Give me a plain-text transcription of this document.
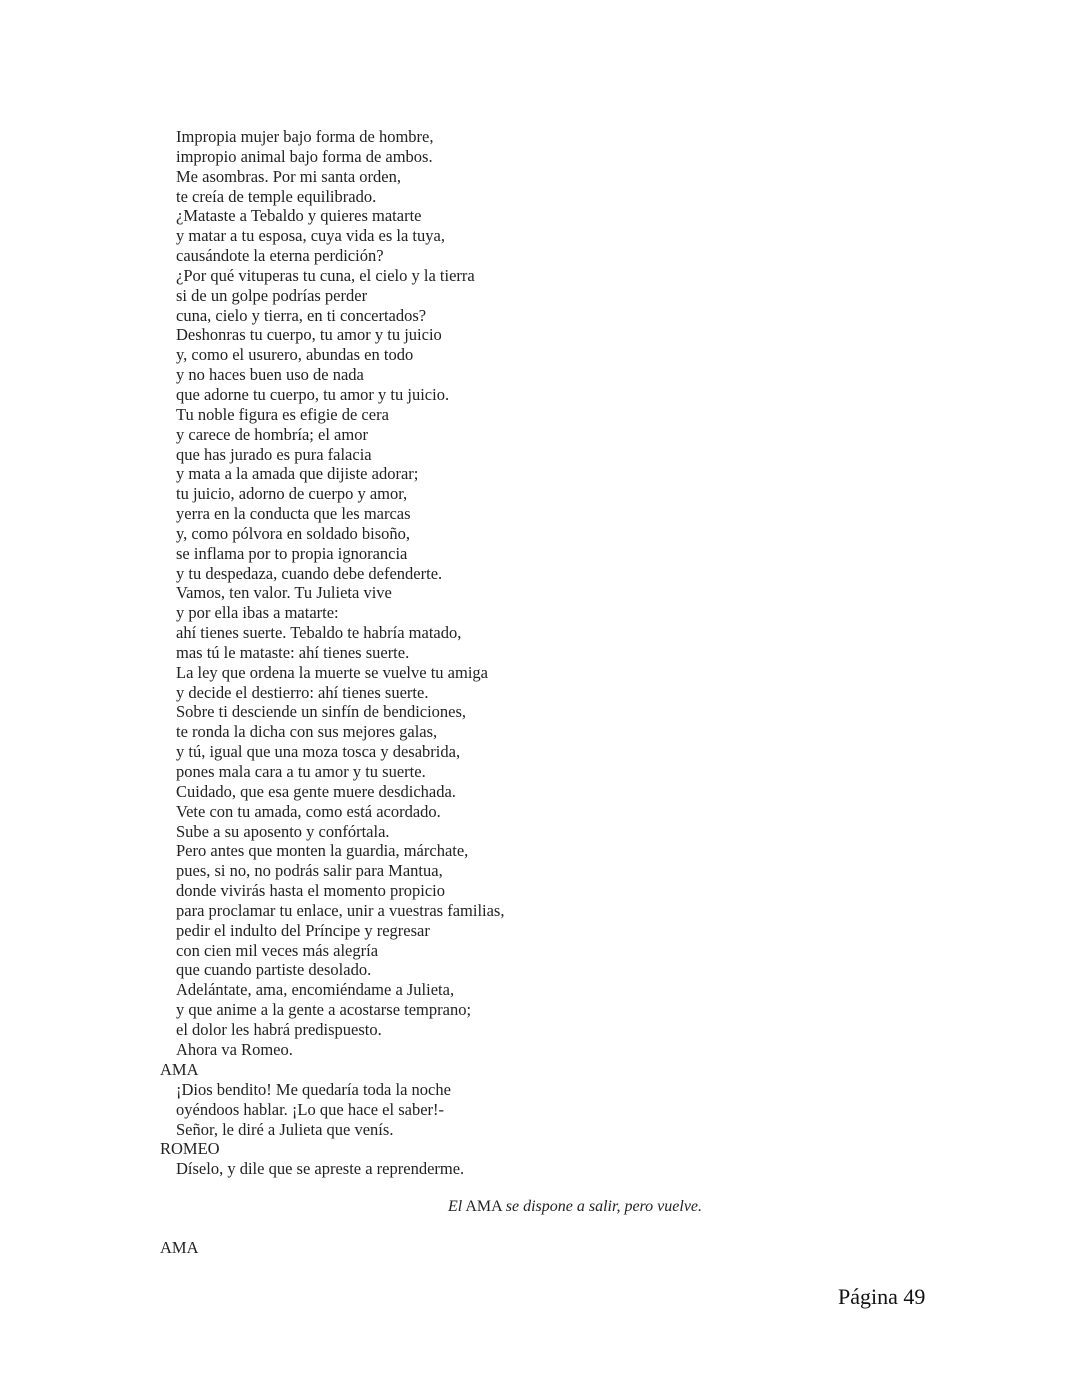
Impropia mujer bajo forma de hombre,
impropio animal bajo forma de ambos.
Me asombras. Por mi santa orden,
te creía de temple equilibrado.
¿Mataste a Tebaldo y quieres matarte
y matar a tu esposa, cuya vida es la tuya,
causándote la eterna perdición?
¿Por qué vituperas tu cuna, el cielo y la tierra
si de un golpe podrías perder
cuna, cielo y tierra, en ti concertados?
Deshonras tu cuerpo, tu amor y tu juicio
y, como el usurero, abundas en todo
y no haces buen uso de nada
que adorne tu cuerpo, tu amor y tu juicio.
Tu noble figura es efigie de cera
y carece de hombría; el amor
que has jurado es pura falacia
y mata a la amada que dijiste adorar;
tu juicio, adorno de cuerpo y amor,
yerra en la conducta que les marcas
y, como pólvora en soldado bisoño,
se inflama por to propia ignorancia
y tu despedaza, cuando debe defenderte.
Vamos, ten valor. Tu Julieta vive
y por ella ibas a matarte:
ahí tienes suerte. Tebaldo te habría matado,
mas tú le mataste: ahí tienes suerte.
La ley que ordena la muerte se vuelve tu amiga
y decide el destierro: ahí tienes suerte.
Sobre ti desciende un sinfín de bendiciones,
te ronda la dicha con sus mejores galas,
y tú, igual que una moza tosca y desabrida,
pones mala cara a tu amor y tu suerte.
Cuidado, que esa gente muere desdichada.
Vete con tu amada, como está acordado.
Sube a su aposento y confórtala.
Pero antes que monten la guardia, márchate,
pues, si no, no podrás salir para Mantua,
donde vivirás hasta el momento propicio
para proclamar tu enlace, unir a vuestras familias,
pedir el indulto del Príncipe y regresar
con cien mil veces más alegría
que cuando partiste desolado.
Adelántate, ama, encomiéndame a Julieta,
y que anime a la gente a acostarse temprano;
el dolor les habrá predispuesto.
Ahora va Romeo.
AMA
¡Dios bendito! Me quedaría toda la noche
oyéndoos hablar. ¡Lo que hace el saber!-
Señor, le diré a Julieta que venís.
ROMEO
Díselo, y dile que se apreste a reprenderme.
El AMA se dispone a salir, pero vuelve.
AMA
Página 49
